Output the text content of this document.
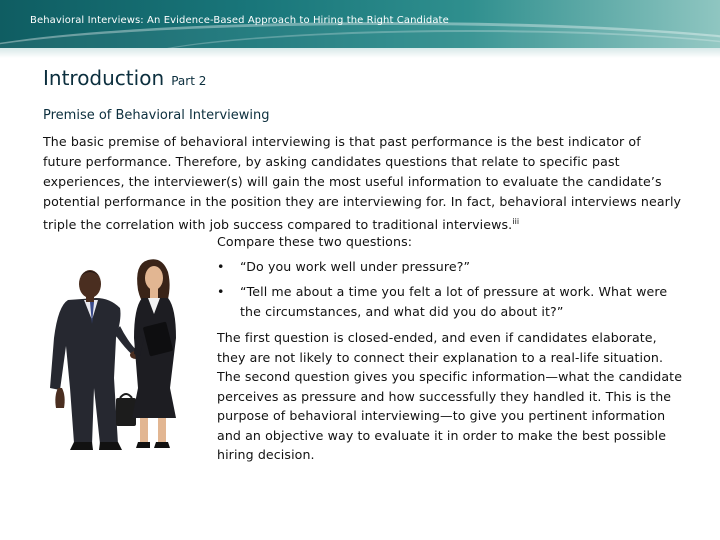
Behavioral Interviews: An Evidence-Based Approach to Hiring the Right Candidate
Introduction Part 2
Premise of Behavioral Interviewing
The basic premise of behavioral interviewing is that past performance is the best indicator of future performance. Therefore, by asking candidates questions that relate to specific past experiences, the interviewer(s) will gain the most useful information to evaluate the candidate’s potential performance in the position they are interviewing for. In fact, behavioral interviews nearly triple the correlation with job success compared to traditional interviews.$^{iii}$
Compare these two questions:
• “Do you work well under pressure?”
• “Tell me about a time you felt a lot of pressure at work. What were the circumstances, and what did you do about it?”
The first question is closed-ended, and even if candidates elaborate, they are not likely to connect their explanation to a real-life situation. The second question gives you specific information—what the candidate perceives as pressure and how successfully they handled it. This is the purpose of behavioral interviewing—to give you pertinent information and an objective way to evaluate it in order to make the best possible hiring decision.
